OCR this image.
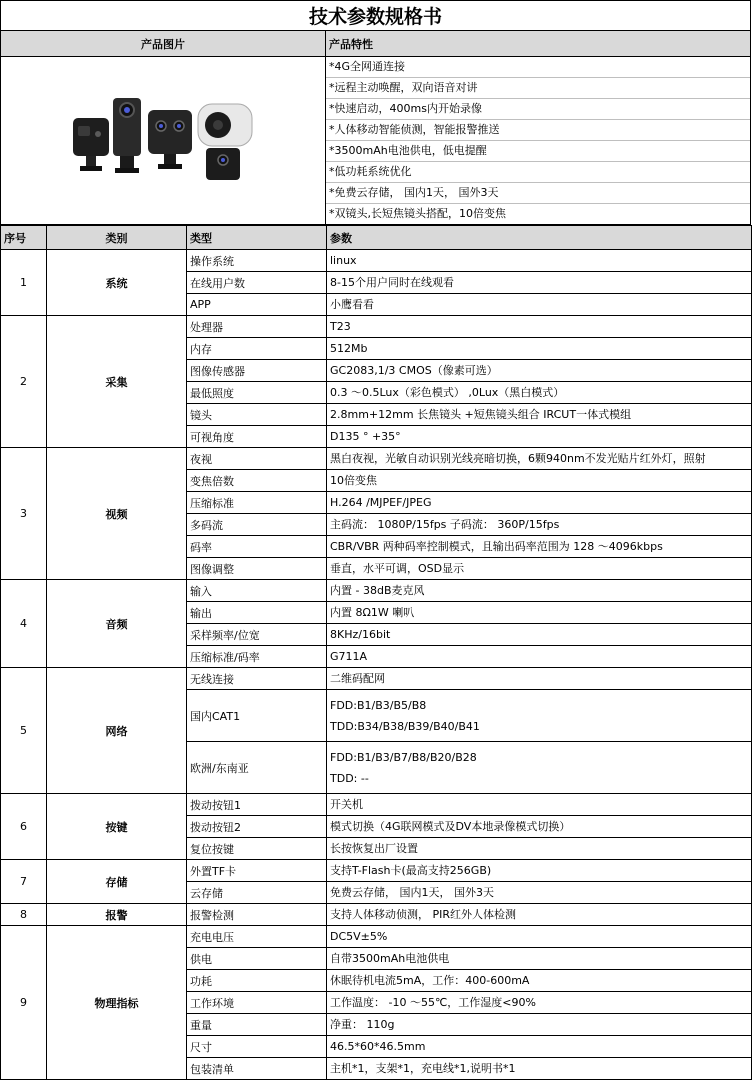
技术参数规格书
产品图片	产品特性
*4G全网通连接
*远程主动唤醒，双向语音对讲
*快速启动，400ms内开始录像
*人体移动智能侦测，智能报警推送
*3500mAh电池供电，低电提醒
*低功耗系统优化
*免费云存储， 国内1天， 国外3天
*双镜头,长短焦镜头搭配，10倍变焦
序号	类别	类型	参数
1	系统	操作系统	linux

		在线用户数	8-15个用户同时在线观看

		APP	小鹰看看

2	采集	处理器	T23

		内存	512Mb

		图像传感器	GC2083,1/3 CMOS（像素可选）

		最低照度	0.3 ～0.5Lux（彩色模式） ,0Lux（黑白模式）

		镜头	2.8mm+12mm 长焦镜头 +短焦镜头组合 IRCUT一体式模组

		可视角度	D135 ° +35°

3	视频	夜视	黑白夜视，光敏自动识别光线亮暗切换，6颗940nm不发光贴片红外灯，照射

		变焦倍数	10倍变焦

		压缩标准	H.264 /MJPEF/JPEG

		多码流	主码流： 1080P/15fps 子码流： 360P/15fps

		码率	CBR/VBR 两种码率控制模式，且输出码率范围为 128 ～4096kbps

		图像调整	垂直，水平可调，OSD显示

4	音频	输入	内置 - 38dB麦克风

		输出	内置 8Ω1W 喇叭

		采样频率/位宽	8KHz/16bit

		压缩标准/码率	G711A

5	网络	无线连接	二维码配网

		国内CAT1	FDD:B1/B3/B5/B8
TDD:B34/B38/B39/B40/B41

		欧洲/东南亚	FDD:B1/B3/B7/B8/B20/B28
TDD: --

6	按键	拨动按钮1	开关机

		拨动按钮2	模式切换（4G联网模式及DV本地录像模式切换）

		复位按键	长按恢复出厂设置

7	存储	外置TF卡	支持T-Flash卡(最高支持256GB)

		云存储	免费云存储， 国内1天， 国外3天

8	报警	报警检测	支持人体移动侦测， PIR红外人体检测

9	物理指标	充电电压	DC5V±5%

		供电	自带3500mAh电池供电

		功耗	休眠待机电流5mA，工作：400-600mA

		工作环境	工作温度： -10 ～55℃，工作湿度<90%

		重量	净重： 110g

		尺寸	46.5*60*46.5mm

		包装清单	主机*1，支架*1，充电线*1,说明书*1
